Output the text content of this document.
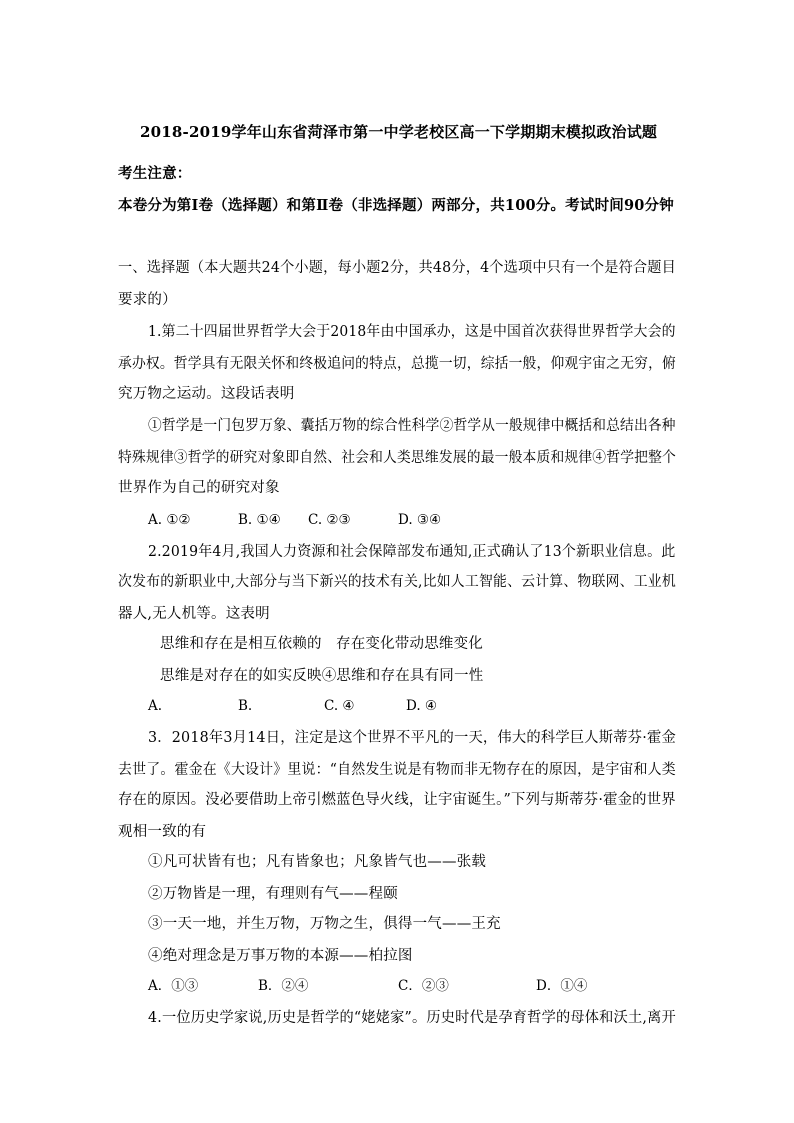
2018-2019学年山东省菏泽市第一中学老校区高一下学期期末模拟政治试题
考生注意：
本卷分为第Ⅰ卷（选择题）和第Ⅱ卷（非选择题）两部分，共100分。考试时间90分钟
一、选择题（本大题共24个小题，每小题2分，共48分，4个选项中只有一个是符合题目
要求的）
1.第二十四届世界哲学大会于2018年由中国承办，这是中国首次获得世界哲学大会的
承办权。哲学具有无限关怀和终极追问的特点，总揽一切，综括一般，仰观宇宙之无穷，俯
究万物之运动。这段话表明
①哲学是一门包罗万象、囊括万物的综合性科学②哲学从一般规律中概括和总结出各种
特殊规律③哲学的研究对象即自然、社会和人类思维发展的最一般本质和规律④哲学把整个
世界作为自己的研究对象
A. ①②	B. ①④ C. ②③	D. ③④
2.2019年4月,我国人力资源和社会保障部发布通知,正式确认了13个新职业信息。此
次发布的新职业中,大部分与当下新兴的技术有关,比如人工智能、云计算、物联网、工业机
器人,无人机等。这表明
思维和存在是相互依赖的 存在变化带动思维变化
思维是对存在的如实反映④思维和存在具有同一性
A.	B.	C. ④	D. ④
3．2018年3月14日，注定是这个世界不平凡的一天，伟大的科学巨人斯蒂芬·霍金
去世了。霍金在《大设计》里说：“自然发生说是有物而非无物存在的原因，是宇宙和人类
存在的原因。没必要借助上帝引燃蓝色导火线，让宇宙诞生。”下列与斯蒂芬·霍金的世界
观相一致的有
①凡可状皆有也；凡有皆象也；凡象皆气也——张载
②万物皆是一理，有理则有气——程颐
③一天一地，并生万物，万物之生，俱得一气——王充
④绝对理念是万事万物的本源——柏拉图
A．①③	B．②④	C．②③	D．①④
4.一位历史学家说,历史是哲学的“姥姥家”。历史时代是孕育哲学的母体和沃土,离开
